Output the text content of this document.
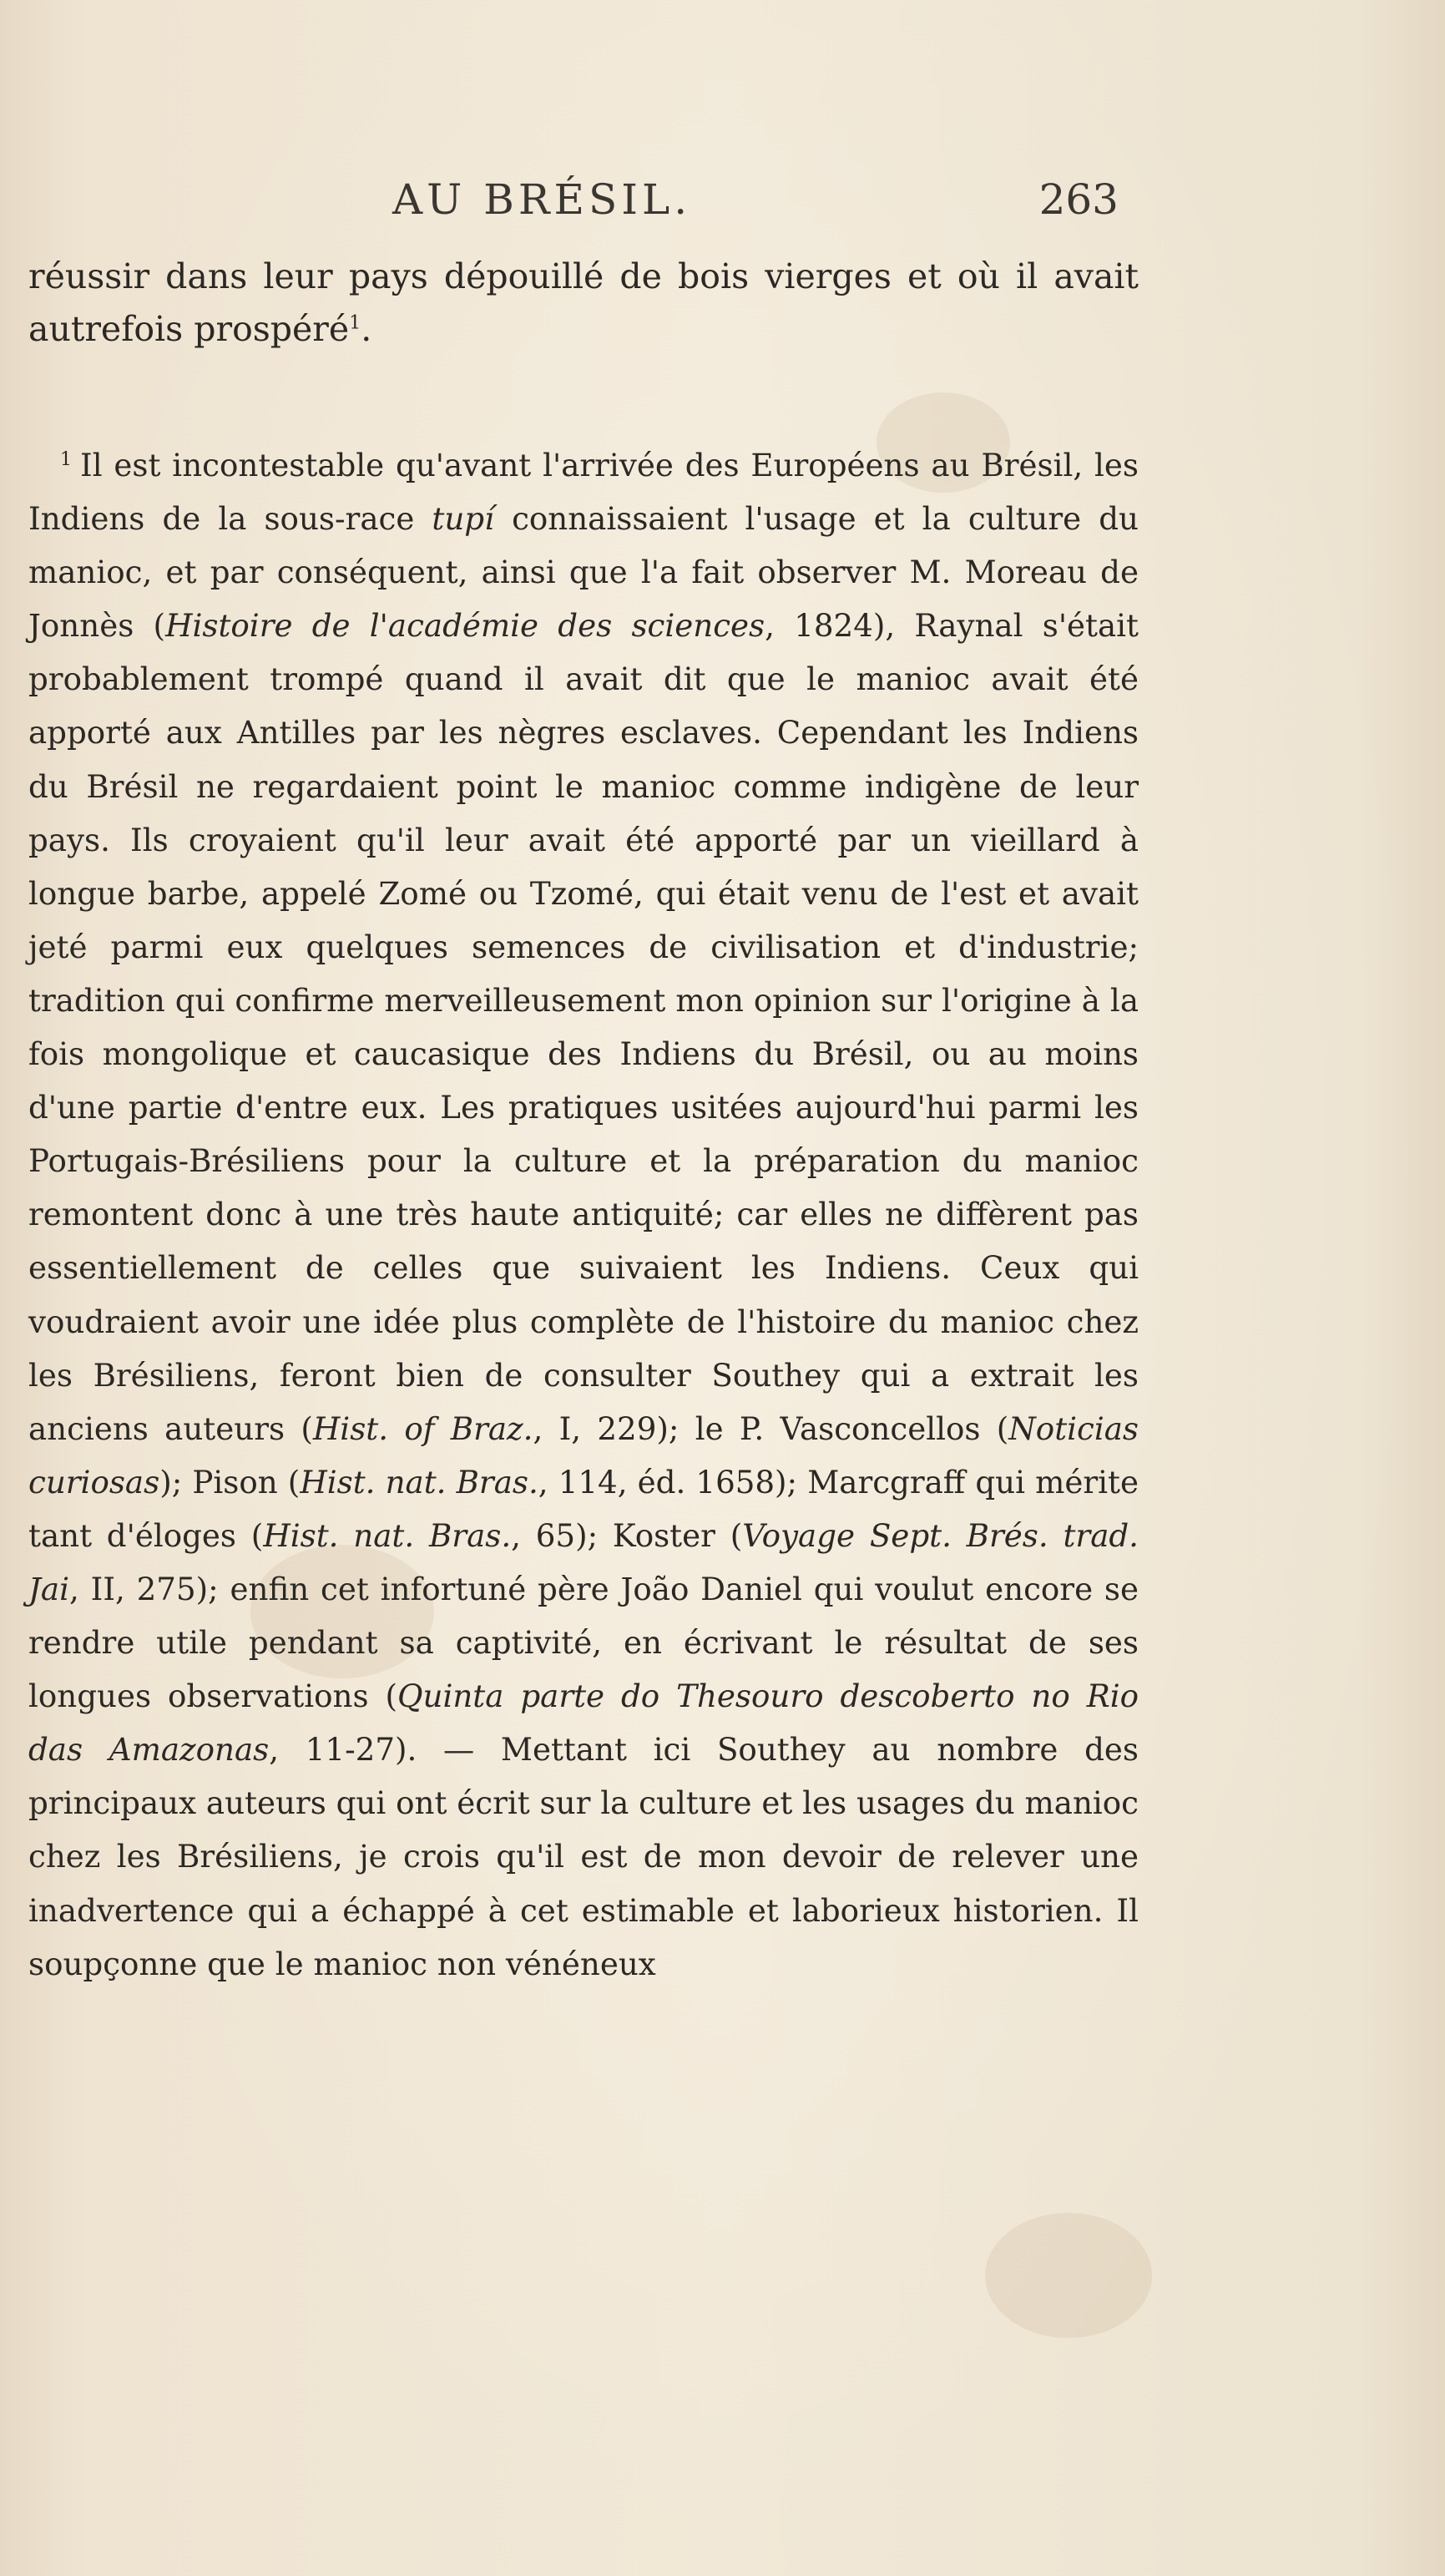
AU BRÉSIL.	263

réussir dans leur pays dépouillé de bois vierges et où il avait autrefois prospéré$^1$.

$^1$ Il est incontestable qu'avant l'arrivée des Européens au Brésil, les Indiens de la sous-race tupí connaissaient l'usage et la culture du manioc, et par conséquent, ainsi que l'a fait observer M. Moreau de Jonnès (Histoire de l'académie des sciences, 1824), Raynal s'était probablement trompé quand il avait dit que le manioc avait été apporté aux Antilles par les nègres esclaves. Cependant les Indiens du Brésil ne regardaient point le manioc comme indigène de leur pays. Ils croyaient qu'il leur avait été apporté par un vieillard à longue barbe, appelé Zomé ou Tzomé, qui était venu de l'est et avait jeté parmi eux quelques semences de civilisation et d'industrie; tradition qui confirme merveilleusement mon opinion sur l'origine à la fois mongolique et caucasique des Indiens du Brésil, ou au moins d'une partie d'entre eux. Les pratiques usitées aujourd'hui parmi les Portugais-Brésiliens pour la culture et la préparation du manioc remontent donc à une très haute antiquité; car elles ne diffèrent pas essentiellement de celles que suivaient les Indiens. Ceux qui voudraient avoir une idée plus complète de l'histoire du manioc chez les Brésiliens, feront bien de consulter Southey qui a extrait les anciens auteurs (Hist. of Braz., I, 229); le P. Vasconcellos (Noticias curiosas); Pison (Hist. nat. Bras., 114, éd. 1658); Marcgraff qui mérite tant d'éloges (Hist. nat. Bras., 65); Koster (Voyage Sept. Brés. trad. Jai, II, 275); enfin cet infortuné père João Daniel qui voulut encore se rendre utile pendant sa captivité, en écrivant le résultat de ses longues observations (Quinta parte do Thesouro descoberto no Rio das Amazonas, 11-27). — Mettant ici Southey au nombre des principaux auteurs qui ont écrit sur la culture et les usages du manioc chez les Brésiliens, je crois qu'il est de mon devoir de relever une inadvertence qui a échappé à cet estimable et laborieux historien. Il soupçonne que le manioc non vénéneux
